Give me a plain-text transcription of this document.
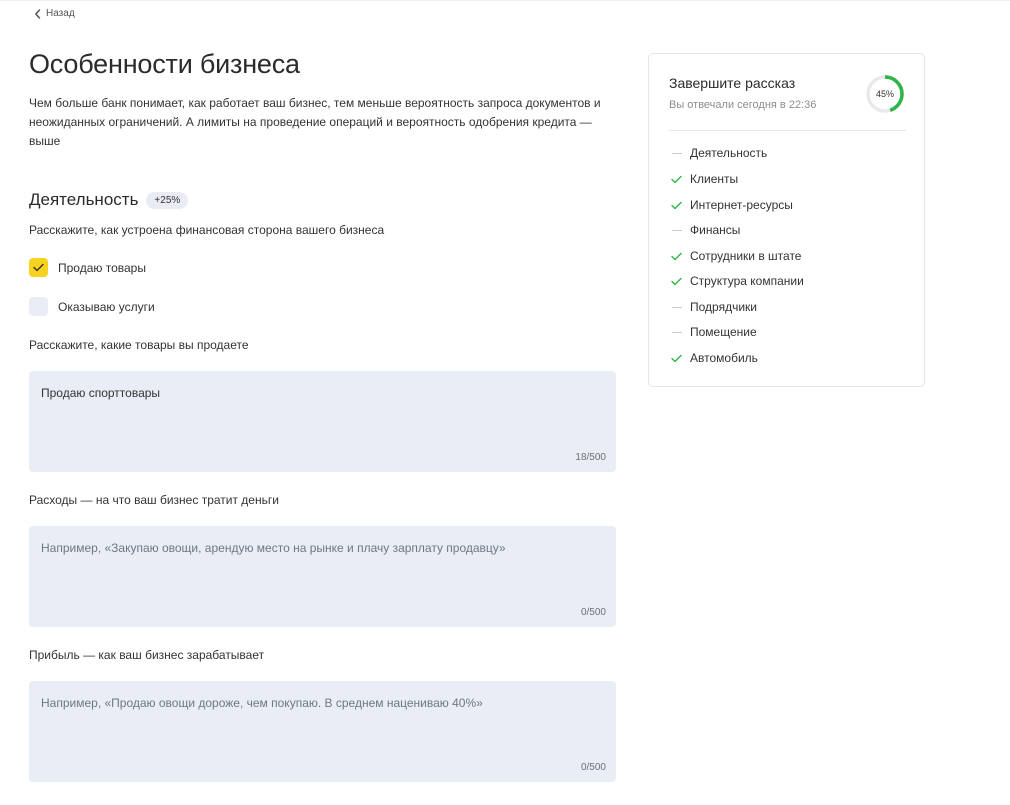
Назад
Особенности бизнеса

Чем больше банк понимает, как работает ваш бизнес, тем меньше вероятность запроса документов и неожиданных ограничений. А лимиты на проведение операций и вероятность одобрения кредита — выше

Деятельность	+25%
Расскажите, как устроена финансовая сторона вашего бизнеса
Продаю товары
Оказываю услуги
Расскажите, какие товары вы продаете
Продаю спорттовары
18/500
Расходы — на что ваш бизнес тратит деньги
Например, «Закупаю овощи, арендую место на рынке и плачу зарплату продавцу»
0/500
Прибыль — как ваш бизнес зарабатывает
Например, «Продаю овощи дороже, чем покупаю. В среднем нацениваю 40%»
0/500
Завершите рассказ
Вы отвечали сегодня в 22:36
45%
Деятельность
Клиенты
Интернет-ресурсы
Финансы
Сотрудники в штате
Структура компании
Подрядчики
Помещение
Автомобиль
